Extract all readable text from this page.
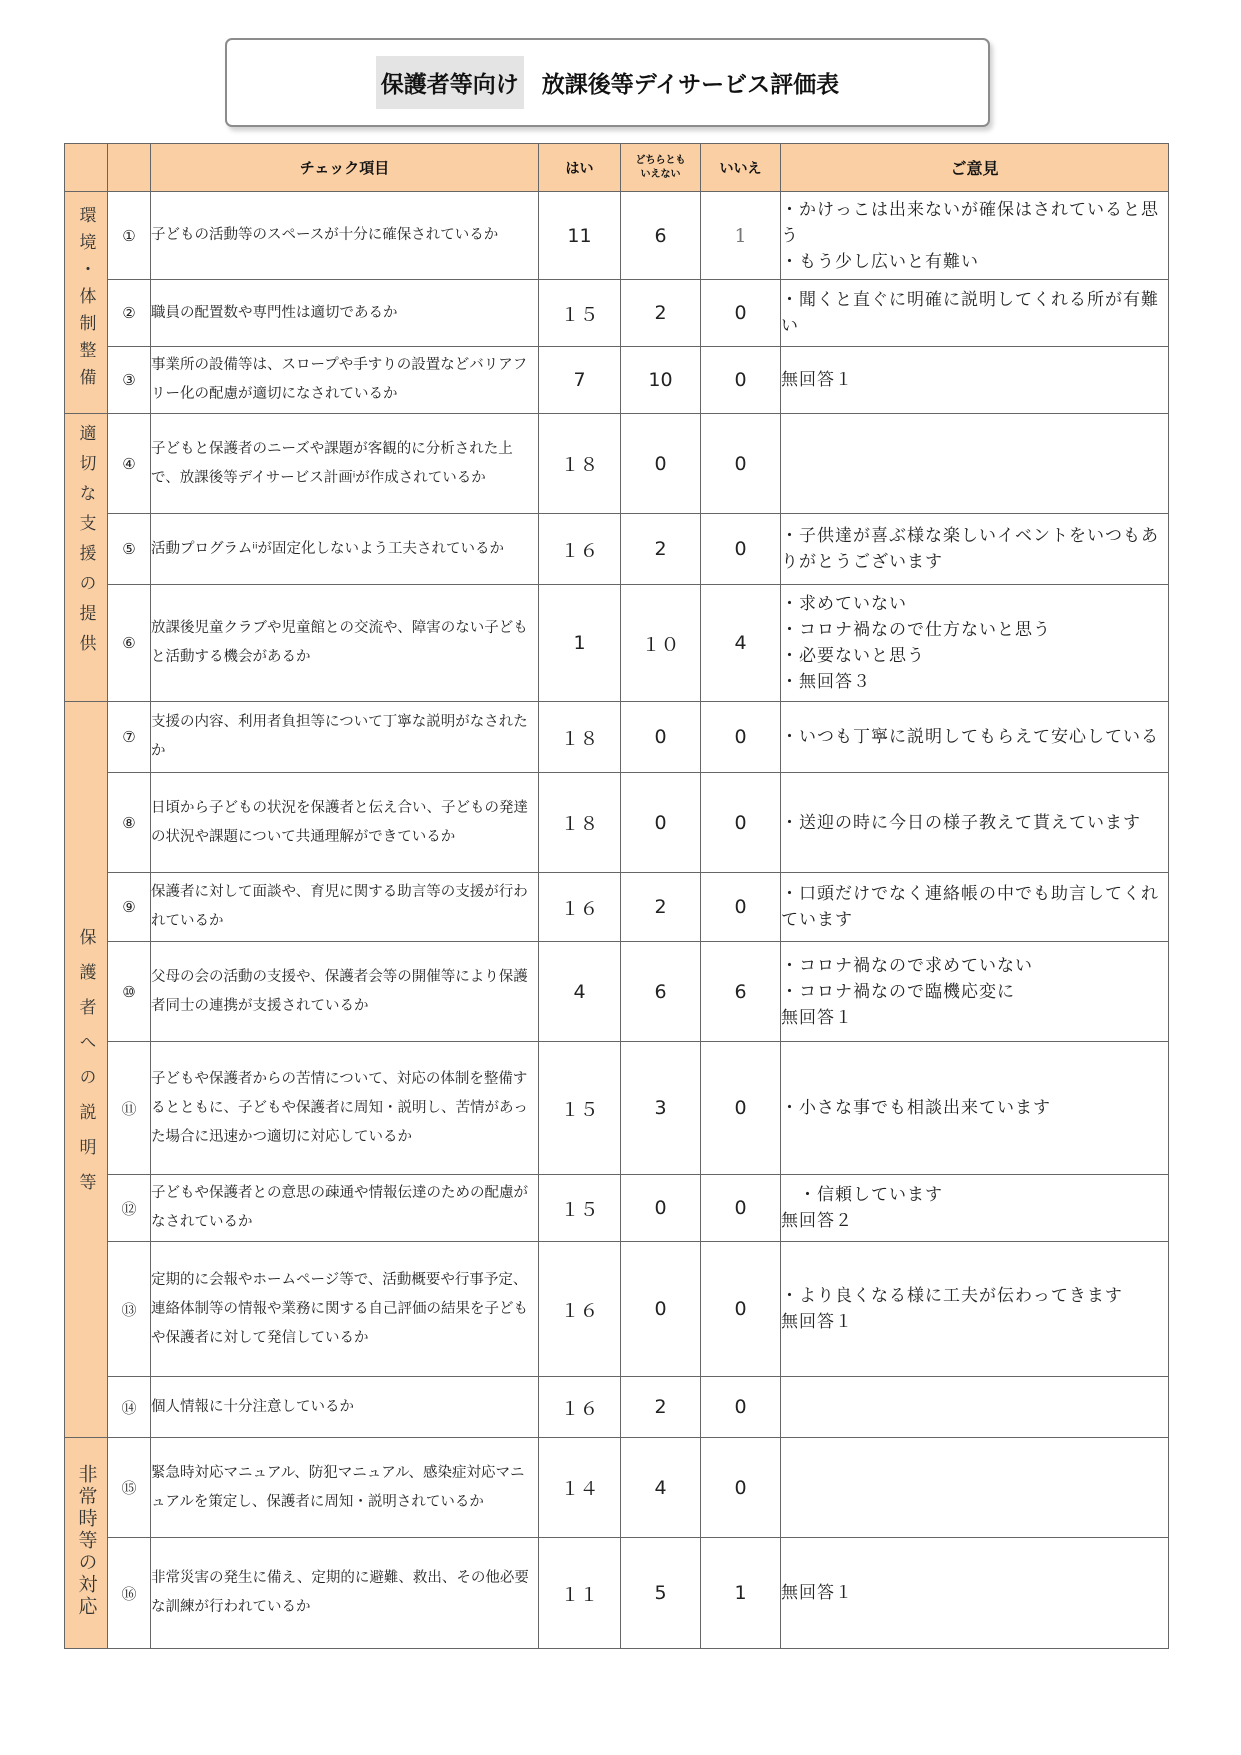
保護者等向け 放課後等デイサービス評価表
		チェック項目	はい	どちらとも
いえない	いいえ	ご意見
環境・体制整備	①	子どもの活動等のスペースが十分に確保されているか	11	6	1	・かけっこは出来ないが確保はされていると思う
・もう少し広いと有難い

	②	職員の配置数や専門性は適切であるか	１５	2	0	・聞くと直ぐに明確に説明してくれる所が有難い

	③	事業所の設備等は、スロープや手すりの設置などバリアフリー化の配慮が適切になされているか	7	10	0	無回答１

適切な支援の提供	④	子どもと保護者のニーズや課題が客観的に分析された上で、放課後等デイサービス計画ⁱが作成されているか	１８	0	0	
	⑤	活動プログラムⁱⁱが固定化しないよう工夫されているか	１６	2	0	・子供達が喜ぶ様な楽しいイベントをいつもありがとうございます

	⑥	放課後児童クラブや児童館との交流や、障害のない子どもと活動する機会があるか	1	１０	4	・求めていない
・コロナ禍なので仕方ないと思う
・必要ないと思う
・無回答３

保護者への説明等	⑦	支援の内容、利用者負担等について丁寧な説明がなされたか	１８	0	0	・いつも丁寧に説明してもらえて安心している

	⑧	日頃から子どもの状況を保護者と伝え合い、子どもの発達の状況や課題について共通理解ができているか	１８	0	0	・送迎の時に今日の様子教えて貰えています

	⑨	保護者に対して面談や、育児に関する助言等の支援が行われているか	１６	2	0	・口頭だけでなく連絡帳の中でも助言してくれています

	⑩	父母の会の活動の支援や、保護者会等の開催等により保護者同士の連携が支援されているか	4	6	6	・コロナ禍なので求めていない
・コロナ禍なので臨機応変に
無回答１

	⑪	子どもや保護者からの苦情について、対応の体制を整備するとともに、子どもや保護者に周知・説明し、苦情があった場合に迅速かつ適切に対応しているか	１５	3	0	・小さな事でも相談出来ています

	⑫	子どもや保護者との意思の疎通や情報伝達のための配慮がなされているか	１５	0	0	　・信頼しています
無回答２

	⑬	定期的に会報やホームページ等で、活動概要や行事予定、連絡体制等の情報や業務に関する自己評価の結果を子どもや保護者に対して発信しているか	１６	0	0	・より良くなる様に工夫が伝わってきます
無回答１

	⑭	個人情報に十分注意しているか	１６	2	0	
非常時等の対応	⑮	緊急時対応マニュアル、防犯マニュアル、感染症対応マニュアルを策定し、保護者に周知・説明されているか	１４	4	0	
	⑯	非常災害の発生に備え、定期的に避難、救出、その他必要な訓練が行われているか	１１	5	1	無回答１
